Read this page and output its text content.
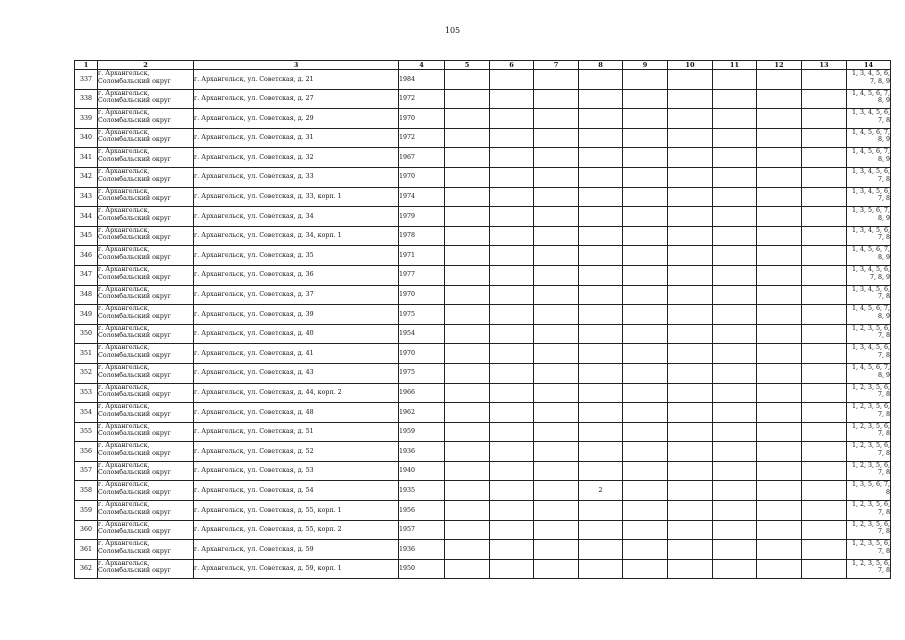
105
1	2	3	4	5	6	7	8	9	10	11	12	13	14
337	г. Архангельск,
Соломбальский округ	г. Архангельск, ул. Советская, д. 21	1984										1, 3, 4, 5, 6,
7, 8, 9

338	г. Архангельск,
Соломбальский округ	г. Архангельск, ул. Советская, д. 27	1972										1, 4, 5, 6, 7,
8, 9

339	г. Архангельск,
Соломбальский округ	г. Архангельск, ул. Советская, д. 29	1970										1, 3, 4, 5, 6,
7, 8

340	г. Архангельск,
Соломбальский округ	г. Архангельск, ул. Советская, д. 31	1972										1, 4, 5, 6, 7,
8, 9

341	г. Архангельск,
Соломбальский округ	г. Архангельск, ул. Советская, д. 32	1967										1, 4, 5, 6, 7,
8, 9

342	г. Архангельск,
Соломбальский округ	г. Архангельск, ул. Советская, д. 33	1970										1, 3, 4, 5, 6,
7, 8

343	г. Архангельск,
Соломбальский округ	г. Архангельск, ул. Советская, д. 33, корп. 1	1974										1, 3, 4, 5, 6,
7, 8

344	г. Архангельск,
Соломбальский округ	г. Архангельск, ул. Советская, д. 34	1979										1, 3, 5, 6, 7,
8, 9

345	г. Архангельск,
Соломбальский округ	г. Архангельск, ул. Советская, д. 34, корп. 1	1978										1, 3, 4, 5, 6,
7, 8

346	г. Архангельск,
Соломбальский округ	г. Архангельск, ул. Советская, д. 35	1971										1, 4, 5, 6, 7,
8, 9

347	г. Архангельск,
Соломбальский округ	г. Архангельск, ул. Советская, д. 36	1977										1, 3, 4, 5, 6,
7, 8, 9

348	г. Архангельск,
Соломбальский округ	г. Архангельск, ул. Советская, д. 37	1970										1, 3, 4, 5, 6,
7, 8

349	г. Архангельск,
Соломбальский округ	г. Архангельск, ул. Советская, д. 39	1975										1, 4, 5, 6, 7,
8, 9

350	г. Архангельск,
Соломбальский округ	г. Архангельск, ул. Советская, д. 40	1954										1, 2, 3, 5, 6,
7, 8

351	г. Архангельск,
Соломбальский округ	г. Архангельск, ул. Советская, д. 41	1970										1, 3, 4, 5, 6,
7, 8

352	г. Архангельск,
Соломбальский округ	г. Архангельск, ул. Советская, д. 43	1975										1, 4, 5, 6, 7,
8, 9

353	г. Архангельск,
Соломбальский округ	г. Архангельск, ул. Советская, д. 44, корп. 2	1966										1, 2, 3, 5, 6,
7, 8

354	г. Архангельск,
Соломбальский округ	г. Архангельск, ул. Советская, д. 48	1962										1, 2, 3, 5, 6,
7, 8

355	г. Архангельск,
Соломбальский округ	г. Архангельск, ул. Советская, д. 51	1959										1, 2, 3, 5, 6,
7, 8

356	г. Архангельск,
Соломбальский округ	г. Архангельск, ул. Советская, д. 52	1936										1, 2, 3, 5, 6,
7, 8

357	г. Архангельск,
Соломбальский округ	г. Архангельск, ул. Советская, д. 53	1940										1, 2, 3, 5, 6,
7, 8

358	г. Архангельск,
Соломбальский округ	г. Архангельск, ул. Советская, д. 54	1935				2						1, 3, 5, 6, 7,
8

359	г. Архангельск,
Соломбальский округ	г. Архангельск, ул. Советская, д. 55, корп. 1	1956										1, 2, 3, 5, 6,
7, 8

360	г. Архангельск,
Соломбальский округ	г. Архангельск, ул. Советская, д. 55, корп. 2	1957										1, 2, 3, 5, 6,
7, 8

361	г. Архангельск,
Соломбальский округ	г. Архангельск, ул. Советская, д. 59	1936										1, 2, 3, 5, 6,
7, 8

362	г. Архангельск,
Соломбальский округ	г. Архангельск, ул. Советская, д. 59, корп. 1	1950										1, 2, 3, 5, 6,
7, 8
